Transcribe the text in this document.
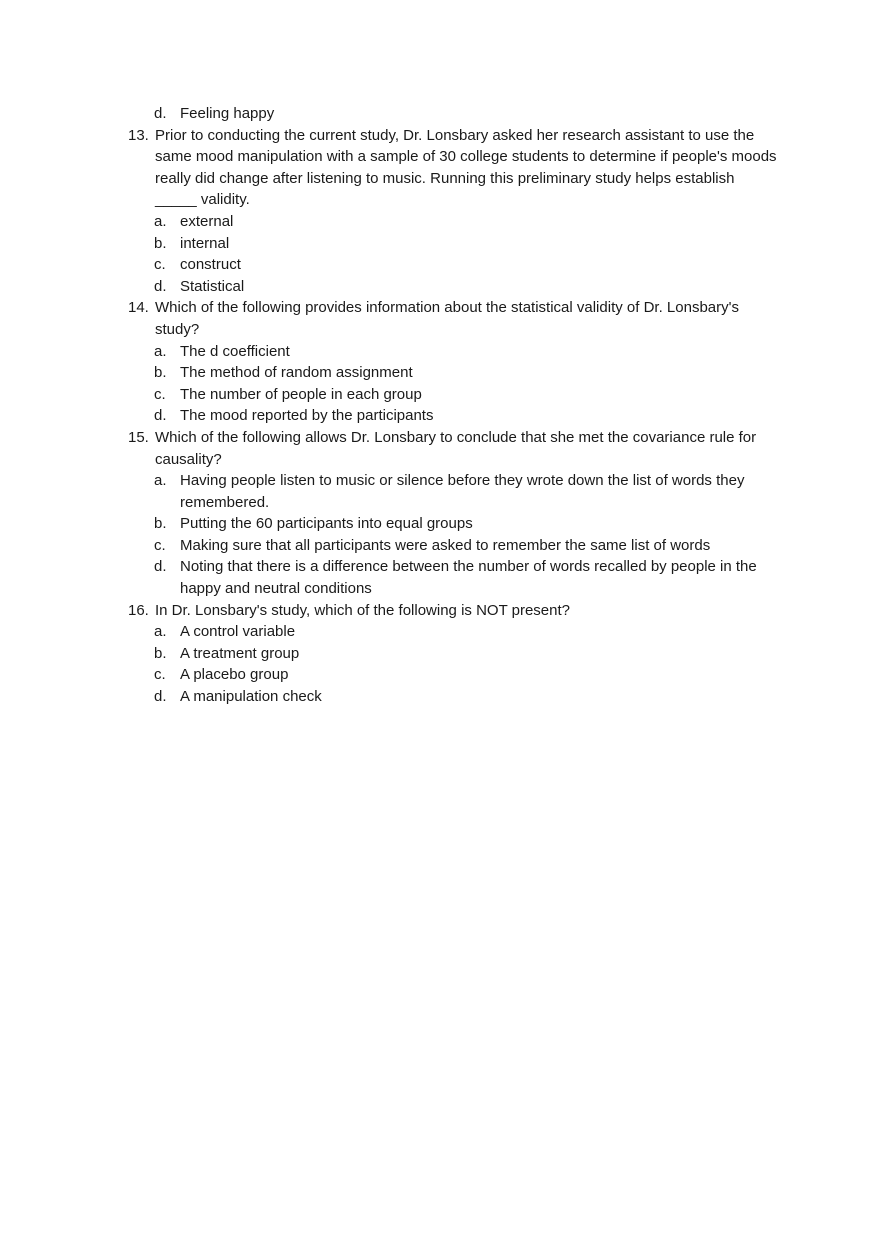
d. Feeling happy
13. Prior to conducting the current study, Dr. Lonsbary asked her research assistant to use the same mood manipulation with a sample of 30 college students to determine if people's moods really did change after listening to music. Running this preliminary study helps establish _____ validity.
a. external
b. internal
c. construct
d. Statistical
14. Which of the following provides information about the statistical validity of Dr. Lonsbary's study?
a. The d coefficient
b. The method of random assignment
c. The number of people in each group
d. The mood reported by the participants
15. Which of the following allows Dr. Lonsbary to conclude that she met the covariance rule for causality?
a. Having people listen to music or silence before they wrote down the list of words they remembered.
b. Putting the 60 participants into equal groups
c. Making sure that all participants were asked to remember the same list of words
d. Noting that there is a difference between the number of words recalled by people in the happy and neutral conditions
16. In Dr. Lonsbary's study, which of the following is NOT present?
a. A control variable
b. A treatment group
c. A placebo group
d. A manipulation check
